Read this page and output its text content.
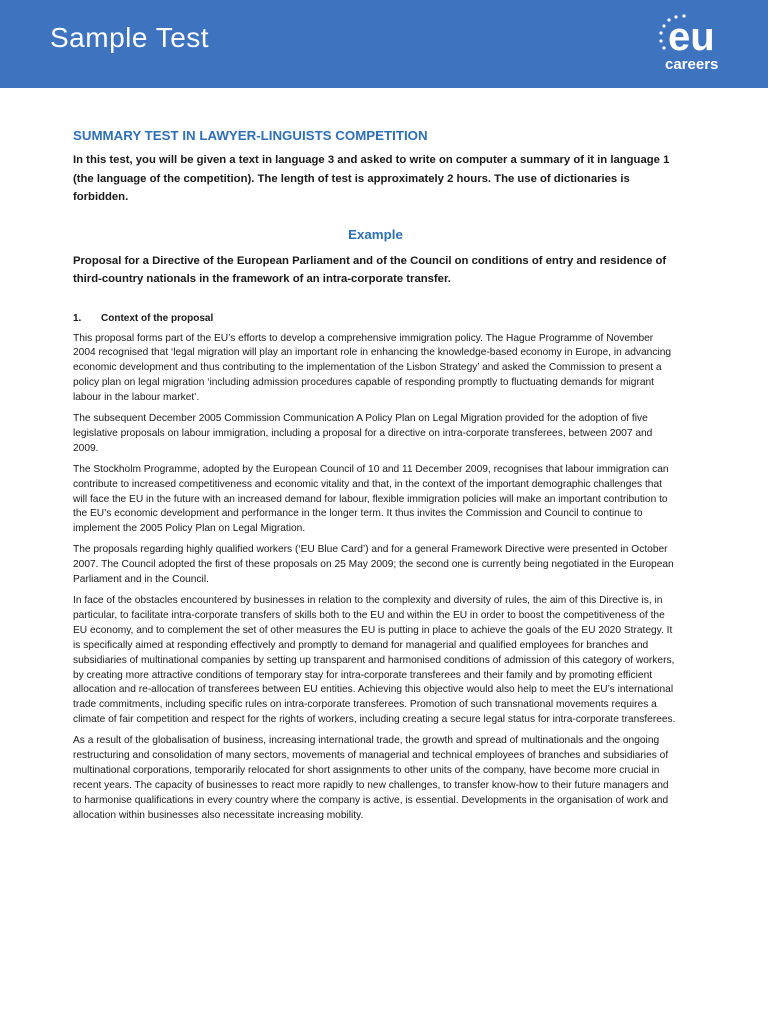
Sample Test	eu
careers
SUMMARY TEST IN LAWYER-LINGUISTS COMPETITION
In this test, you will be given a text in language 3 and asked to write on computer a summary of it in language 1 (the language of the competition). The length of test is approximately 2 hours. The use of dictionaries is forbidden.
Example
Proposal for a Directive of the European Parliament and of the Council on conditions of entry and residence of third-country nationals in the framework of an intra-corporate transfer.
1.	Context of the proposal
This proposal forms part of the EU’s efforts to develop a comprehensive immigration policy. The Hague Programme of November 2004 recognised that ‘legal migration will play an important role in enhancing the knowledge-based economy in Europe, in advancing economic development and thus contributing to the implementation of the Lisbon Strategy’ and asked the Commission to present a policy plan on legal migration ‘including admission procedures capable of responding promptly to fluctuating demands for migrant labour in the labour market’.
The subsequent December 2005 Commission Communication A Policy Plan on Legal Migration provided for the adoption of five legislative proposals on labour immigration, including a proposal for a directive on intra-corporate transferees, between 2007 and 2009.
The Stockholm Programme, adopted by the European Council of 10 and 11 December 2009, recognises that labour immigration can contribute to increased competitiveness and economic vitality and that, in the context of the important demographic challenges that will face the EU in the future with an increased demand for labour, flexible immigration policies will make an important contribution to the EU’s economic development and performance in the longer term. It thus invites the Commission and Council to continue to implement the 2005 Policy Plan on Legal Migration.
The proposals regarding highly qualified workers (‘EU Blue Card’) and for a general Framework Directive were presented in October 2007. The Council adopted the first of these proposals on 25 May 2009; the second one is currently being negotiated in the European Parliament and in the Council.
In face of the obstacles encountered by businesses in relation to the complexity and diversity of rules, the aim of this Directive is, in particular, to facilitate intra-corporate transfers of skills both to the EU and within the EU in order to boost the competitiveness of the EU economy, and to complement the set of other measures the EU is putting in place to achieve the goals of the EU 2020 Strategy. It is specifically aimed at responding effectively and promptly to demand for managerial and qualified employees for branches and subsidiaries of multinational companies by setting up transparent and harmonised conditions of admission of this category of workers, by creating more attractive conditions of temporary stay for intra-corporate transferees and their family and by promoting efficient allocation and re-allocation of transferees between EU entities. Achieving this objective would also help to meet the EU’s international trade commitments, including specific rules on intra-corporate transferees. Promotion of such transnational movements requires a climate of fair competition and respect for the rights of workers, including creating a secure legal status for intra-corporate transferees.
As a result of the globalisation of business, increasing international trade, the growth and spread of multinationals and the ongoing restructuring and consolidation of many sectors, movements of managerial and technical employees of branches and subsidiaries of multinational corporations, temporarily relocated for short assignments to other units of the company, have become more crucial in recent years. The capacity of businesses to react more rapidly to new challenges, to transfer know-how to their future managers and to harmonise qualifications in every country where the company is active, is essential. Developments in the organisation of work and allocation within businesses also necessitate increasing mobility.
